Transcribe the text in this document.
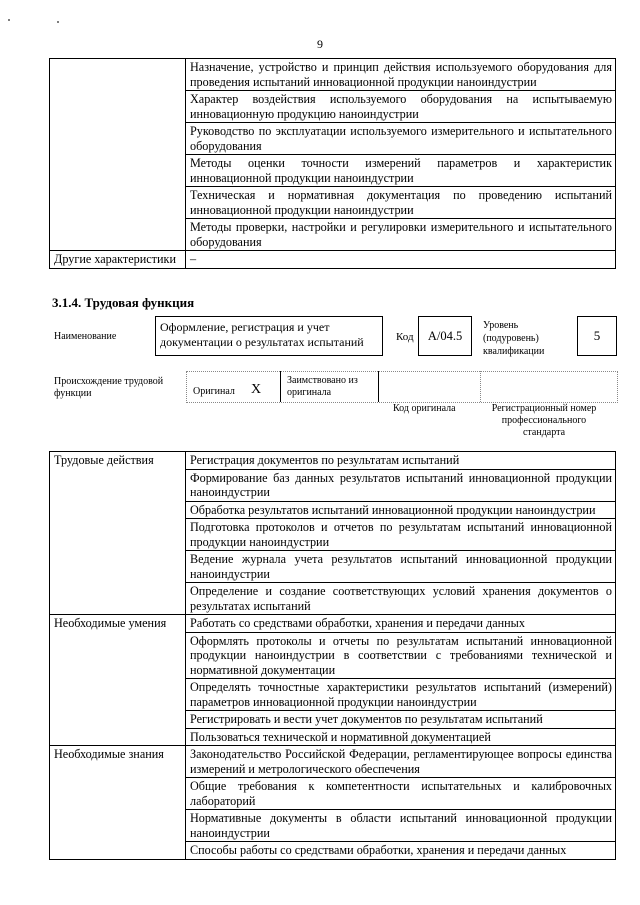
9
	Назначение, устройство и принцип действия используемого оборудования для проведения испытаний инновационной продукции наноиндустрии
	Характер воздействия используемого оборудования на испытываемую инновационную продукцию наноиндустрии
	Руководство по эксплуатации используемого измерительного и испытательного оборудования
	Методы оценки точности измерений параметров и характеристик инновационной продукции наноиндустрии
	Техническая и нормативная документация по проведению испытаний инновационной продукции наноиндустрии
	Методы проверки, настройки и регулировки измерительного и испытательного оборудования
Другие характеристики	–
3.1.4. Трудовая функция
Наименование
Оформление, регистрация и учет документации о результатах испытаний	Код	А/04.5
Уровень (подуровень) квалификации
5
Происхождение трудовой функции	Оригинал X
Заимствовано из оригинала
Код оригинала	Регистрационный номер профессионального стандарта
Трудовые действия	Регистрация документов по результатам испытаний
	Формирование баз данных результатов испытаний инновационной продукции наноиндустрии
	Обработка результатов испытаний инновационной продукции наноиндустрии
	Подготовка протоколов и отчетов по результатам испытаний инновационной продукции наноиндустрии
	Ведение журнала учета результатов испытаний инновационной продукции наноиндустрии
	Определение и создание соответствующих условий хранения документов о результатах испытаний
Необходимые умения	Работать со средствами обработки, хранения и передачи данных
	Оформлять протоколы и отчеты по результатам испытаний инновационной продукции наноиндустрии в соответствии с требованиями технической и нормативной документации
	Определять точностные характеристики результатов испытаний (измерений) параметров инновационной продукции наноиндустрии
	Регистрировать и вести учет документов по результатам испытаний
	Пользоваться технической и нормативной документацией
Необходимые знания	Законодательство Российской Федерации, регламентирующее вопросы единства измерений и метрологического обеспечения
	Общие требования к компетентности испытательных и калибровочных лабораторий
	Нормативные документы в области испытаний инновационной продукции наноиндустрии
	Способы работы со средствами обработки, хранения и передачи данных
